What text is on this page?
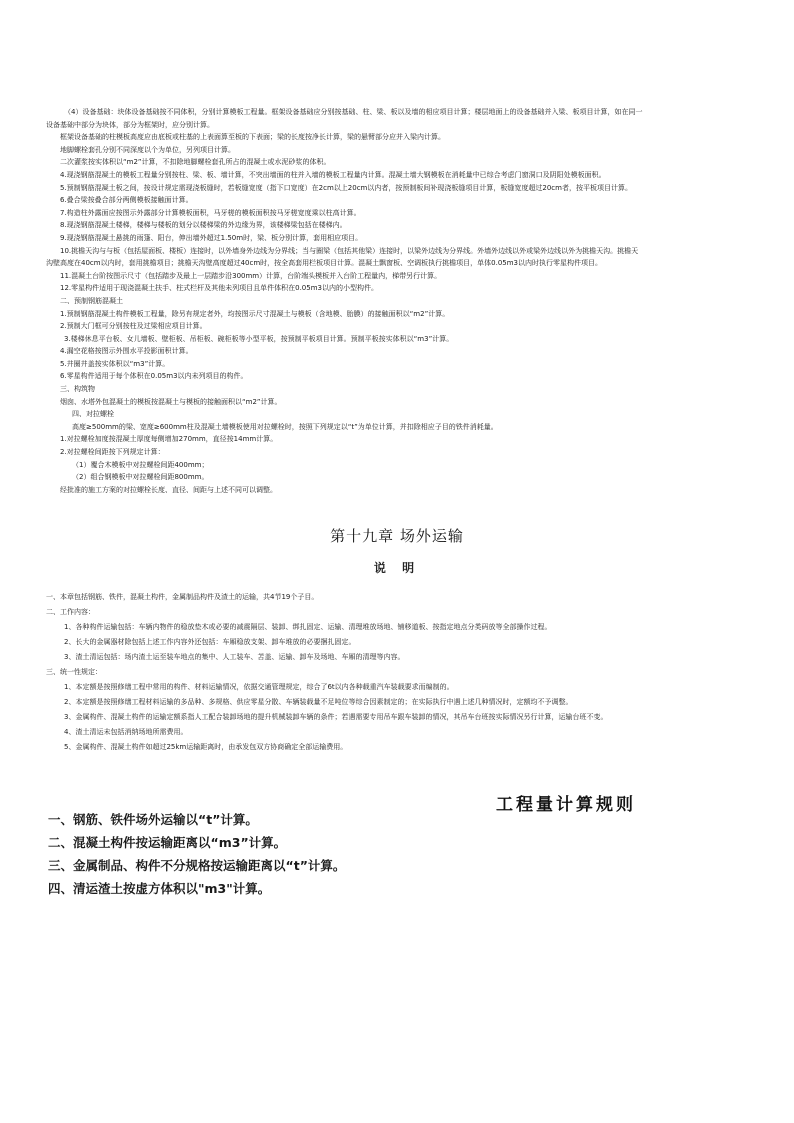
（4）设备基础：块体设备基础按不同体积，分别计算模板工程量。框架设备基础应分别按基础、柱、梁、板以及墙的相应项目计算；楼层地面上的设备基础并入梁、板项目计算，如在同一
设备基础中部分为块体，部分为框架时，应分别计算。
框架设备基础的柱模板高度应由底板或柱基的上表面算至板的下表面；梁的长度按净长计算，梁的悬臂部分应并入梁内计算。
地脚螺栓套孔分别不同深度以个为单位，另列项目计算。
二次灌浆按实体积以“m2”计算，不扣除地脚螺栓套孔所占的混凝土或水泥砂浆的体积。
4.现浇钢筋混凝土的模板工程量分别按柱、梁、板、墙计算，不突出墙面的柱并入墙的模板工程量内计算。混凝土墙大钢模板在消耗量中已综合考虑门窗洞口及阴阳处模板面积。
5.预制钢筋混凝土板之间，按设计规定需现浇板缝时，若板缝宽度（指下口宽度）在2cm以上20cm以内者，按预制板间补现浇板缝项目计算，板缝宽度超过20cm者，按平板项目计算。
6.叠合梁按叠合部分两侧模板接触面计算。
7.构造柱外露面应按图示外露部分计算模板面积，马牙槎的模板面积按马牙槎宽度乘以柱高计算。
8.现浇钢筋混凝土楼梯，楼梯与楼板的划分以楼梯梁的外边缘为界，该楼梯梁包括在楼梯内。
9.现浇钢筋混凝土悬挑的雨篷、阳台，伸出墙外超过1.50m时，梁、板分别计算，套用相应项目。
10.挑檐天沟与与板（包括屋面板、楼板）连接时，以外墙身外边线为分界线；当与圈梁（包括其他梁）连接时，以梁外边线为分界线。外墙外边线以外或梁外边线以外为挑檐天沟。挑檐天
沟壁高度在40cm以内时，套用挑檐项目；挑檐天沟壁高度超过40cm时，按全高套用栏板项目计算。混凝土飘窗板、空调板执行挑檐项目，单体0.05m3以内时执行零星构件项目。
11.混凝土台阶按图示尺寸（包括踏步及最上一层踏步沿300mm）计算，台阶端头模板并入台阶工程量内，梯带另行计算。
12.零星构件适用于现浇混凝土扶手、柱式栏杆及其他未列项目且单件体积在0.05m3以内的小型构件。
二、预制钢筋混凝土
1.预制钢筋混凝土构件模板工程量，除另有规定者外，均按图示尺寸混凝土与模板（含地模、胎膜）的接触面积以“m2”计算。
2.预制大门框可分别按柱及过梁相应项目计算。
3.楼梯休息平台板、女儿墙板、壁柜板、吊柜板、碗柜板等小型平板，按预制平板项目计算。预制平板按实体积以“m3”计算。
4.漏空花格按图示外围水平投影面积计算。
5.井圈井盖按实体积以“m3”计算。
6.零星构件适用于每个体积在0.05m3以内未列项目的构件。
三、构筑物
烟囱、水塔外包混凝土的模板按混凝土与模板的接触面积以“m2”计算。
四、对拉螺栓
高度≥500mm的梁、宽度≥600mm柱及混凝土墙模板使用对拉螺栓时，按照下列规定以“t”为单位计算，并扣除相应子目的铁件消耗量。
1.对拉螺栓加度按混凝土厚度每侧增加270mm，直径按14mm计算。
2.对拉螺栓间距按下列规定计算：
（1）覆合木模板中对拉螺栓间距400mm；
（2）组合钢模板中对拉螺栓间距800mm。
经批准的施工方案的对拉螺栓长度、直径、间距与上述不同可以调整。
第十九章 场外运输
说 明
一、本章包括钢筋、铁件，混凝土构件，金属制品构件及渣土的运输，共4节19个子目。
二、工作内容：
1、各种构件运输包括：车辆内物件的稳放垫木或必要的减震隔层、装卸、绑扎固定、运输、清理堆放场地、铺移道板、按指定地点分类码放等全部操作过程。
2、长大的金属器材除包括上述工作内容外还包括：车厢稳放支架、卸车堆放的必要捆扎固定。
3、渣土清运包括：场内渣土运至装车地点的集中、人工装车、苫盖、运输、卸车及场地、车厢的清理等内容。
三、统一性规定：
1、本定额是按照修缮工程中常用的构件、材料运输情况，依据交通管理规定，综合了6t以内各种载重汽车装载要求而编制的。
2、本定额是按照修缮工程材料运输的多品种、多规格、供应零星分散、车辆装载量不足吨位等综合因素制定的；在实际执行中遇上述几种情况时，定额均不予调整。
3、金属构件、混凝土构件的运输定额系指人工配合装卸场地的提升机械装卸车辆的条件；若遇需要专用吊车跟车装卸的情况，其吊车台班按实际情况另行计算，运输台班不变。
4、渣土清运未包括消纳场地所需费用。
5、金属构件、混凝土构件如超过25km运输距离时，由承发包双方协商确定全部运输费用。
工程量计算规则
一、钢筋、铁件场外运输以“t”计算。
二、混凝土构件按运输距离以“m3”计算。
三、金属制品、构件不分规格按运输距离以“t”计算。
四、清运渣土按虚方体积以"m3"计算。
